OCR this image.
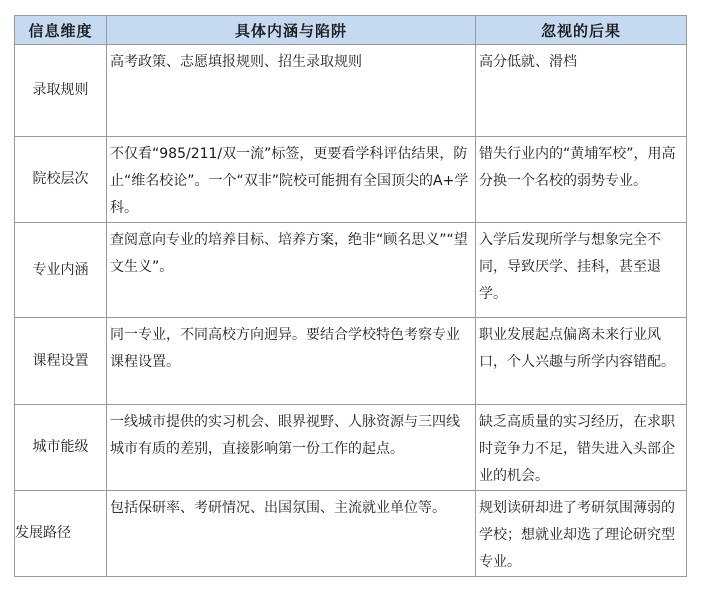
信息维度	具体内涵与陷阱	忽视的后果
录取规则	高考政策、志愿填报规则、招生录取规则	高分低就、滑档
院校层次	不仅看“985/211/双一流”标签，更要看学科评估结果，防止“维名校论”。一个“双非”院校可能拥有全国顶尖的A+学科。	错失行业内的“黄埔军校”，用高分换一个名校的弱势专业。
专业内涵	查阅意向专业的培养目标、培养方案，绝非“顾名思义”“望文生义”。	入学后发现所学与想象完全不同，导致厌学、挂科，甚至退学。
课程设置	同一专业，不同高校方向迥异。要结合学校特色考察专业课程设置。	职业发展起点偏离未来行业风口，个人兴趣与所学内容错配。
城市能级	一线城市提供的实习机会、眼界视野、人脉资源与三四线城市有质的差别，直接影响第一份工作的起点。	缺乏高质量的实习经历，在求职时竞争力不足，错失进入头部企业的机会。
发展路径	包括保研率、考研情况、出国氛围、主流就业单位等。	规划读研却进了考研氛围薄弱的学校；想就业却选了理论研究型专业。
